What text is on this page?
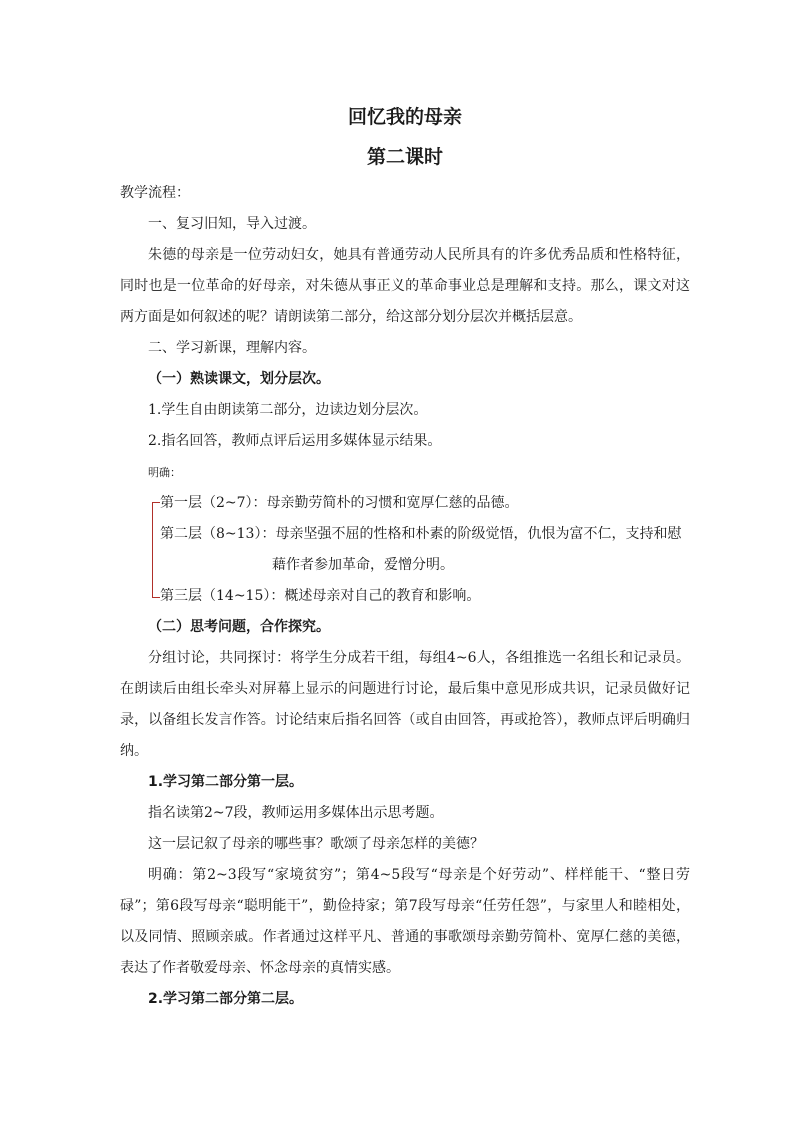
回忆我的母亲
第二课时
教学流程：
一、复习旧知，导入过渡。
朱德的母亲是一位劳动妇女，她具有普通劳动人民所具有的许多优秀品质和性格特征，同时也是一位革命的好母亲，对朱德从事正义的革命事业总是理解和支持。那么，课文对这两方面是如何叙述的呢？请朗读第二部分，给这部分划分层次并概括层意。
二、学习新课，理解内容。
（一）熟读课文，划分层次。
1.学生自由朗读第二部分，边读边划分层次。
2.指名回答，教师点评后运用多媒体显示结果。
明确：
第一层（2~7）：母亲勤劳简朴的习惯和宽厚仁慈的品德。
第二层（8~13）：母亲坚强不屈的性格和朴素的阶级觉悟，仇恨为富不仁，支持和慰
藉作者参加革命，爱憎分明。
第三层（14~15）：概述母亲对自己的教育和影响。
（二）思考问题，合作探究。
分组讨论，共同探讨：将学生分成若干组，每组4~6人，各组推选一名组长和记录员。在朗读后由组长牵头对屏幕上显示的问题进行讨论，最后集中意见形成共识，记录员做好记录，以备组长发言作答。讨论结束后指名回答（或自由回答，再或抢答），教师点评后明确归纳。
1.学习第二部分第一层。
指名读第2~7段，教师运用多媒体出示思考题。
这一层记叙了母亲的哪些事？歌颂了母亲怎样的美德？
明确：第2~3段写“家境贫穷”；第4~5段写“母亲是个好劳动”、样样能干、“整日劳碌”；第6段写母亲“聪明能干”，勤俭持家；第7段写母亲“任劳任怨”，与家里人和睦相处，以及同情、照顾亲戚。作者通过这样平凡、普通的事歌颂母亲勤劳简朴、宽厚仁慈的美德，表达了作者敬爱母亲、怀念母亲的真情实感。
2.学习第二部分第二层。
